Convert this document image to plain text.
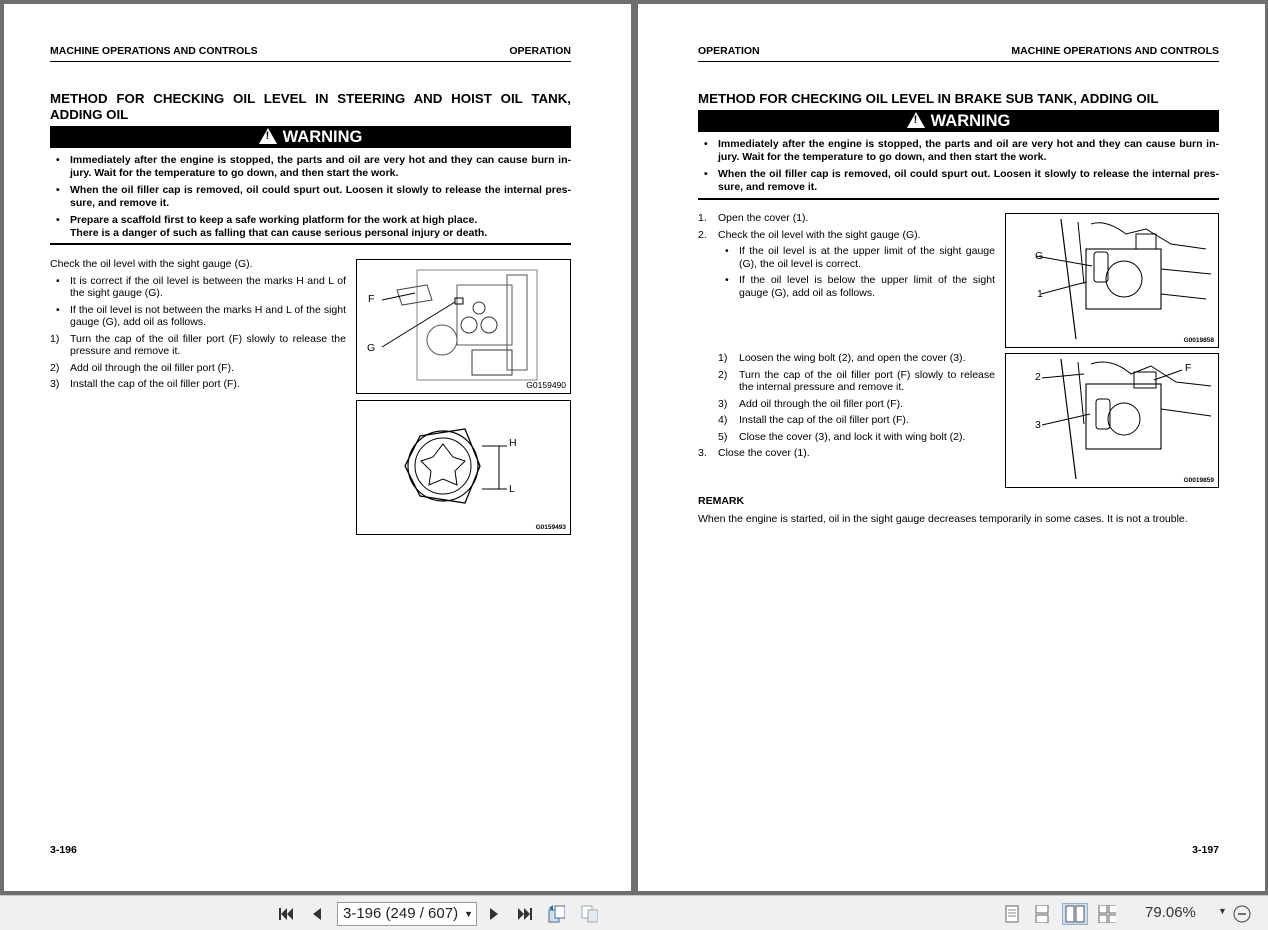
MACHINE OPERATIONS AND CONTROLS	OPERATION
METHOD FOR CHECKING OIL LEVEL IN STEERING AND HOIST OIL TANK, ADDING OIL
!WARNING
• Immediately after the engine is stopped, the parts and oil are very hot and they can cause burn in-jury. Wait for the temperature to go down, and then start the work.
• When the oil filler cap is removed, oil could spurt out. Loosen it slowly to release the internal pres-sure, and remove it.
• Prepare a scaffold first to keep a safe working platform for the work at high place.
There is a danger of such as falling that can cause serious personal injury or death.
Check the oil level with the sight gauge (G).
• It is correct if the oil level is between the marks H and L of the sight gauge (G).
• If the oil level is not between the marks H and L of the sight gauge (G), add oil as follows.
1) Turn the cap of the oil filler port (F) slowly to release the pressure and remove it.
2) Add oil through the oil filler port (F).
3) Install the cap of the oil filler port (F).
F
G
G0159490
H
L
G0159493
3-196
OPERATION	MACHINE OPERATIONS AND CONTROLS
METHOD FOR CHECKING OIL LEVEL IN BRAKE SUB TANK, ADDING OIL
!WARNING
• Immediately after the engine is stopped, the parts and oil are very hot and they can cause burn in-jury. Wait for the temperature to go down, and then start the work.
• When the oil filler cap is removed, oil could spurt out. Loosen it slowly to release the internal pres-sure, and remove it.
1. Open the cover (1).
2. Check the oil level with the sight gauge (G).
• If the oil level is at the upper limit of the sight gauge (G), the oil level is correct.
• If the oil level is below the upper limit of the sight gauge (G), add oil as follows.
1) Loosen the wing bolt (2), and open the cover (3).
2) Turn the cap of the oil filler port (F) slowly to release the internal pressure and remove it.
3) Add oil through the oil filler port (F).
4) Install the cap of the oil filler port (F).
5) Close the cover (3), and lock it with wing bolt (2).
3. Close the cover (1).
G
1
G0019858
2
3
F
G0019859
REMARK
When the engine is started, oil in the sight gauge decreases temporarily in some cases. It is not a trouble.
3-197
3-196 (249 / 607) ▼	79.06% ▼
